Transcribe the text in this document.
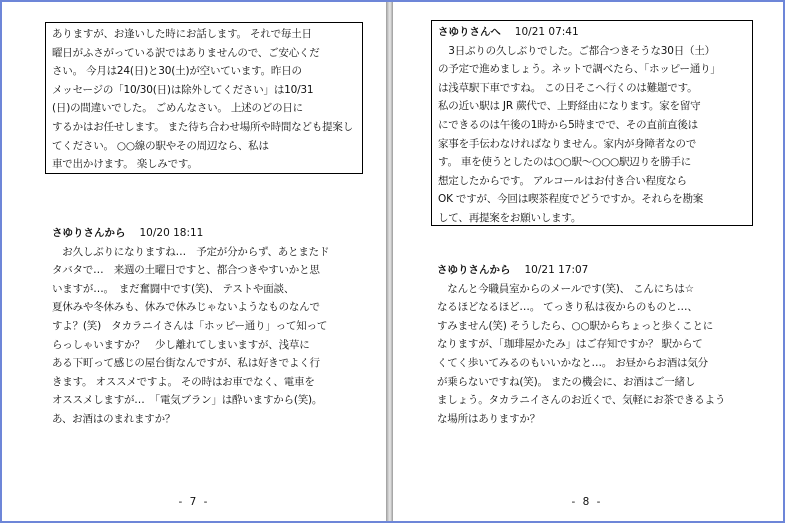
ありますが、お逢いした時にお話します。 それで毎土日
曜日がふさがっている訳ではありませんので、ご安心くだ
さい。 今月は24(日)と30(土)が空いています。昨日の
メッセージの「10/30(日)は除外してください」は10/31
(日)の間違いでした。 ごめんなさい。 上述のどの日に
するかはお任せします。 また待ち合わせ場所や時間なども提案してください。 ○○線の駅やその周辺なら、私は
車で出かけます。 楽しみです。

さゆりさんから 10/20 18:11

　お久しぶりになりますね…　予定が分からず、あとまたド
タバタで…　来週の土曜日ですと、都合つきやすいかと思
いますが…。　まだ奮闘中です(笑)、 テストや面談、
夏休みや冬休みも、休みで休みじゃないようなものなんで
すよ？(笑)　タカラニイさんは「ホッピー通り」って知って
らっしゃいますか？　少し離れてしまいますが、浅草に
ある下町って感じの屋台街なんですが、私は好きでよく行
きます。 オススメですよ。 その時はお車でなく、電車を
オススメしますが…　「電気ブラン」は酔いますから(笑)。
あ、お酒はのまれますか？

- 7 -
さゆりさんへ 10/21 07:41

　3日ぶりの久しぶりでした。ご都合つきそうな30日（土）
の予定で進めましょう。ネットで調べたら、「ホッピー通り」
は浅草駅下車ですね。 この日そこへ行くのは難題です。
私の近い駅は JR 蕨代で、上野経由になります。家を留守
にできるのは午後の1時から5時までで、その直前直後は
家事を手伝わなければなりません。家内が身障者なので
す。 車を使うとしたのは○○駅～○○○駅辺りを勝手に
想定したからです。 アルコールはお付き合い程度なら
OK ですが、今回は喫茶程度でどうですか。それらを勘案
して、再提案をお願いします。

さゆりさんから 10/21 17:07

　なんと今職員室からのメールです(笑)、 こんにちは☆
なるほどなるほど…。 てっきり私は夜からのものと…、
すみません(笑) そうしたら、○○駅からちょっと歩くことに
なりますが、「珈琲屋かたみ」はご存知ですか？ 駅からて
くてく歩いてみるのもいいかなと…。 お昼からお酒は気分
が乗らないですね(笑)。 またの機会に、お酒はご一緒し
ましょう。タカラニイさんのお近くで、気軽にお茶できるよう
な場所はありますか？

- 8 -
